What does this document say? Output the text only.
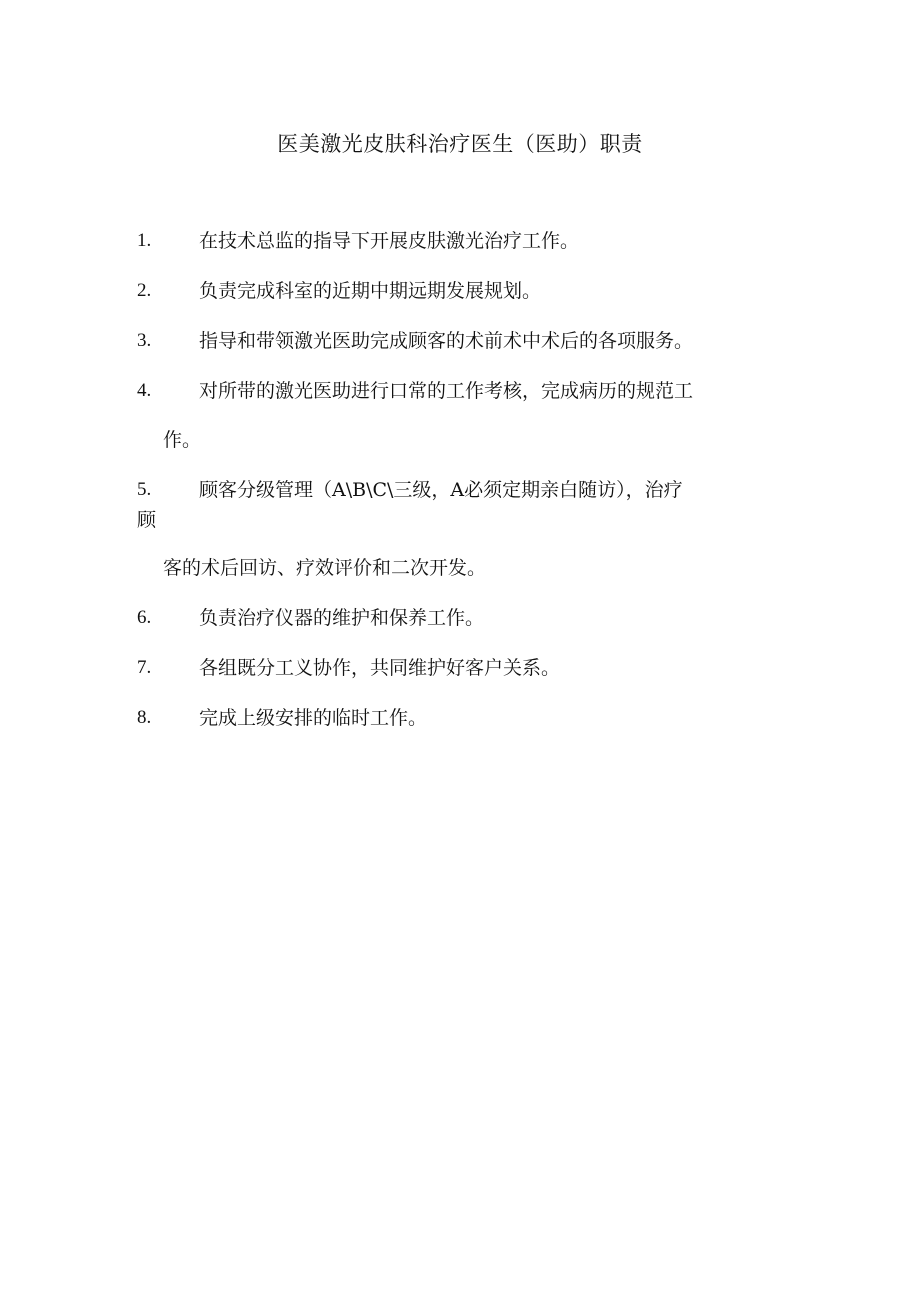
医美激光皮肤科治疗医生（医助）职责
1.	在技术总监的指导下开展皮肤激光治疗工作。
2.	负责完成科室的近期中期远期发展规划。
3.	指导和带领激光医助完成顾客的术前术中术后的各项服务。
4.	对所带的激光医助进行口常的工作考核，完成病历的规范工
作。
5.	顾客分级管理（A\B\C\三级，A必须定期亲白随访），治疗
顾
客的术后回访、疗效评价和二次开发。
6.	负责治疗仪器的维护和保养工作。
7.	各组既分工义协作，共同维护好客户关系。
8.	完成上级安排的临时工作。
